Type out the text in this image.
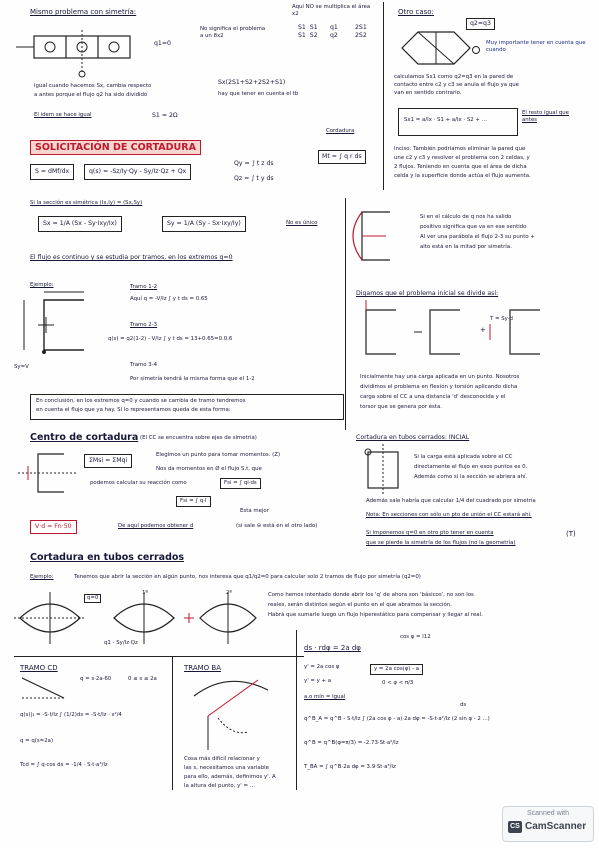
Mismo problema con simetría:
Aquí NO se multiplica el área x2
No significa el problema a un 8x2
q1=0
S1  S1
S1  S2
q1
q2
2S1
2S2
igual cuando hacemos Sx, cambia respecto
a antes porque el flujo q2 ha sido dividido
Sx(2S1+S2+2S2+S1)
hay que tener en cuenta el tb
El idem se hace igual	S1 = 2Ω
Otro caso:
q2=q3
Muy importante tener en cuenta que cuando
calculamos Sx1 como q2=q3 en la pared de
contacto entre c2 y c3 se anula el flujo ya que
van en sentido contrario.
Sx1 = a/Ix · S1 + a/Ix · S2 + …
El resto igual que antes
Inciso: También podríamos eliminar la pared que
une c2 y c3 y resolver el problema con 2 celdas, y
2 flujos. Teniendo en cuenta que el área de dicha
celda y la superficie donde actúa el flujo aumenta.
SOLICITACIÓN DE CORTADURA
S = dMf/dx	q(s) = -Sz/Iy·Qy - Sy/Iz·Qz + Qx
Qy = ∫ t z ds
Qz = ∫ t y ds
Cordadura
Mt = ∫ q r ds
Si la sección es simétrica (Ix,Iy) = (Sx,Sy)
Sx = 1/A (Sx - Sy·Ixy/Ix)	Sy = 1/A (Sy - Sx·Ixy/Iy)	No es único
El flujo es continuo y se estudia por tramos, en los extremos q=0
Ejemplo:
Sy=V
Tramo 1-2
Aquí q = -V/Iz ∫ y t ds = 0.65
Tramo 2-3
q(s) = q2(1-2) - V/Iz ∫ y t ds = 13+0.65=0.0.6
Tramo 3-4
Por simetría tendrá la misma forma que el 1-2
En conclusión, en los extremos q=0 y cuando se cambia de tramo tendremos
en cuenta el flujo que ya hay. Si lo representamos queda de esta forma:
Si en el cálculo de q nos ha salido
positivo significa que va en ese sentido
Al ver una parábola el flujo 2-3 su punto +
alto está en la mitad por simetría.
Digamos que el problema inicial se divide así:
+
T = Sy·d
Inicialmente hay una carga aplicada en un punto. Nosotros
dividimos el problema en flexión y torsión aplicando dicha
carga sobre el CC a una distancia 'd' desconocida y el
torsor que se genera por ésta.
Centro de cortadura (El CC se encuentra sobre ejes de simetría)
ΣMsi = ΣMqi
Elegimos un punto para tomar momentos. (Z)
Nos da momentos en Ø el flujo S.t, que
podemos calcular su reacción como	Fsi = ∫ qi·ds
Fsi = ∫ q·l
Esta mejor
V·d = Fn·50	De aquí podemos obtener d	(si sale ⊖ está en el otro lado)
Cortadura en tubos cerrados: INCIAL
Si la carga está aplicada sobre el CC
directamente el flujo en esos puntos es 0.
Además como si la sección se abriera ahí.
Además sale habría que calcular 1/4 del cuadrado por simetría
Nota: En secciones con sólo un pto de unión el CC estará ahí.
Si imponemos q=0 en otro pto tener en cuenta
que se pierde la simetría de los flujos (no la geometría)
(T)
Cortadura en tubos cerrados
Ejemplo:	Tenemos que abrir la sección en algún punto, nos interesa que q1/q2=0 para calcular solo 2 tramos de flujo por simetría (q2=0)
q=0
1º	2º
q1 - Sy/Iz·Qz
Como hemos intentado donde abrir los 'q' de ahora son 'básicos', no son los
reales, serán distintos según el punto en el que abramos la sección.
Habrá que sumarle luego un flujo hiperestático para compensar y llegar al real.
TRAMO CD
q = s·2a·60	0 ≤ s ≤ 2a
q(s)|₁ = -S·t/Iz ∫ (1/2)ds = -S·t/Iz · s²/4
q = q(s=2a)
Tcd = ∫ q·cos ds = -1/4 · S·t·a³/Iz
TRAMO BA
Cosa más difícil relacionar y
las s, necesitamos una variable
para ello, además, definimos y'. A
la altura del punto, y' = ...
ds · rdφ = 2a dφ
cos φ = l12
y' = 2a cos φ
y' = y + a
y = 2a cos(φ) - a
0 < φ < π/3
a.o mín = lgual
ds
q^B_A = q^B - S·t/Iz ∫ (2a cos φ - a)·2a dφ = -S·t·a²/Iz (2 sin φ - 2 ...)
q^B = q^B(φ=π/3) = -2.73·St·a²/Iz
T_BA = ∫ q^B·2a dφ = 3.9·St·a³/Iz
Scanned with
CS CamScanner
